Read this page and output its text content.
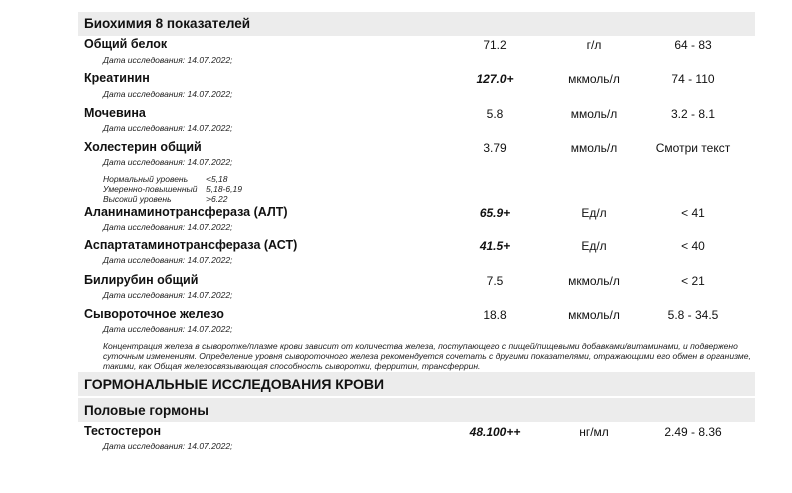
Биохимия 8 показателей
Общий белок	71.2	г/л	64 - 83
Дата исследования: 14.07.2022;
Креатинин	127.0+	мкмоль/л	74 - 110
Дата исследования: 14.07.2022;
Мочевина	5.8	ммоль/л	3.2 - 8.1
Дата исследования: 14.07.2022;
Холестерин общий	3.79	ммоль/л	Смотри текст
Дата исследования: 14.07.2022;
Нормальный уровень <5,18
Умеренно-повышенный 5,18-6,19
Высокий уровень	>6.22
Аланинаминотрансфераза (АЛТ)	65.9+	Ед/л	< 41
Дата исследования: 14.07.2022;
Аспартатаминотрансфераза (АСТ)	41.5+	Ед/л	< 40
Дата исследования: 14.07.2022;
Билирубин общий	7.5	мкмоль/л	< 21
Дата исследования: 14.07.2022;
Сывороточное железо	18.8	мкмоль/л	5.8 - 34.5
Дата исследования: 14.07.2022;
Концентрация железа в сыворотке/плазме крови зависит от количества железа, поступающего с пищей/пищевыми добавками/витаминами, и подвержено суточным изменениям. Определение уровня сывороточного железа рекомендуется сочетать с другими показателями, отражающими его обмен в организме, такими, как Общая железосвязывающая способность сыворотки, ферритин, трансферрин.
ГОРМОНАЛЬНЫЕ ИССЛЕДОВАНИЯ КРОВИ
Половые гормоны
Тестостерон	48.100++	нг/мл	2.49 - 8.36
Дата исследования: 14.07.2022;
